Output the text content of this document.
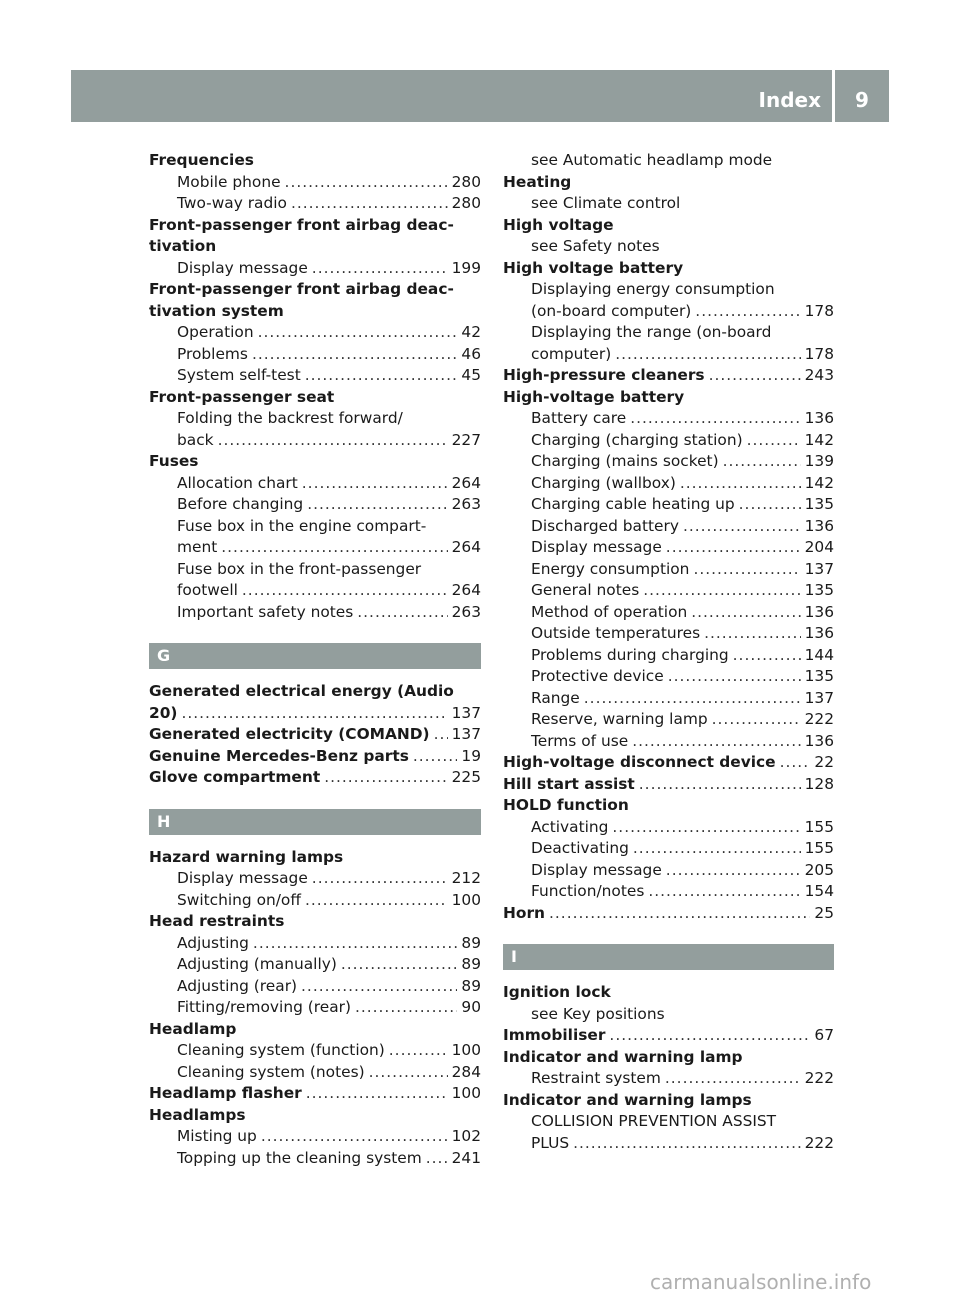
Index	9
Frequencies
Mobile phone .....	280
Two-way radio .....	280
Front-passenger front airbag deac-
tivation
Display message .....	199
Front-passenger front airbag deac-
tivation system
Operation .....	42
Problems .....	46
System self-test .....	45
Front-passenger seat
Folding the backrest forward/
back .....	227
Fuses
Allocation chart .....	264
Before changing .....	263
Fuse box in the engine compart-
ment .....	264
Fuse box in the front-passenger
footwell .....	264
Important safety notes .....	263
G
Generated electrical energy (Audio
20) .....	137
Generated electricity (COMAND) ..... 137
Genuine Mercedes-Benz parts .....	19
Glove compartment .....	225
H
Hazard warning lamps
Display message .....	212
Switching on/off .....	100
Head restraints
Adjusting .....	89
Adjusting (manually) .....	89
Adjusting (rear) .....	89
Fitting/removing (rear) .....	90
Headlamp
Cleaning system (function) .....	100
Cleaning system (notes) .....	284
Headlamp flasher .....	100
Headlamps
Misting up .....	102
Topping up the cleaning system ..... 241
see Automatic headlamp mode
Heating
see Climate control
High voltage
see Safety notes
High voltage battery
Displaying energy consumption
(on-board computer) .....	178
Displaying the range (on-board
computer) .....	178
High-pressure cleaners .....	243
High-voltage battery
Battery care .....	136
Charging (charging station) .....	142
Charging (mains socket) .....	139
Charging (wallbox) .....	142
Charging cable heating up .....	135
Discharged battery .....	136
Display message .....	204
Energy consumption .....	137
General notes .....	135
Method of operation .....	136
Outside temperatures .....	136
Problems during charging .....	144
Protective device .....	135
Range .....	137
Reserve, warning lamp .....	222
Terms of use .....	136
High-voltage disconnect device .....	22
Hill start assist .....	128
HOLD function
Activating .....	155
Deactivating .....	155
Display message .....	205
Function/notes .....	154
Horn .....	25
I
Ignition lock
see Key positions
Immobiliser .....	67
Indicator and warning lamp
Restraint system .....	222
Indicator and warning lamps
COLLISION PREVENTION ASSIST
PLUS .....	222
carmanualsonline.info
